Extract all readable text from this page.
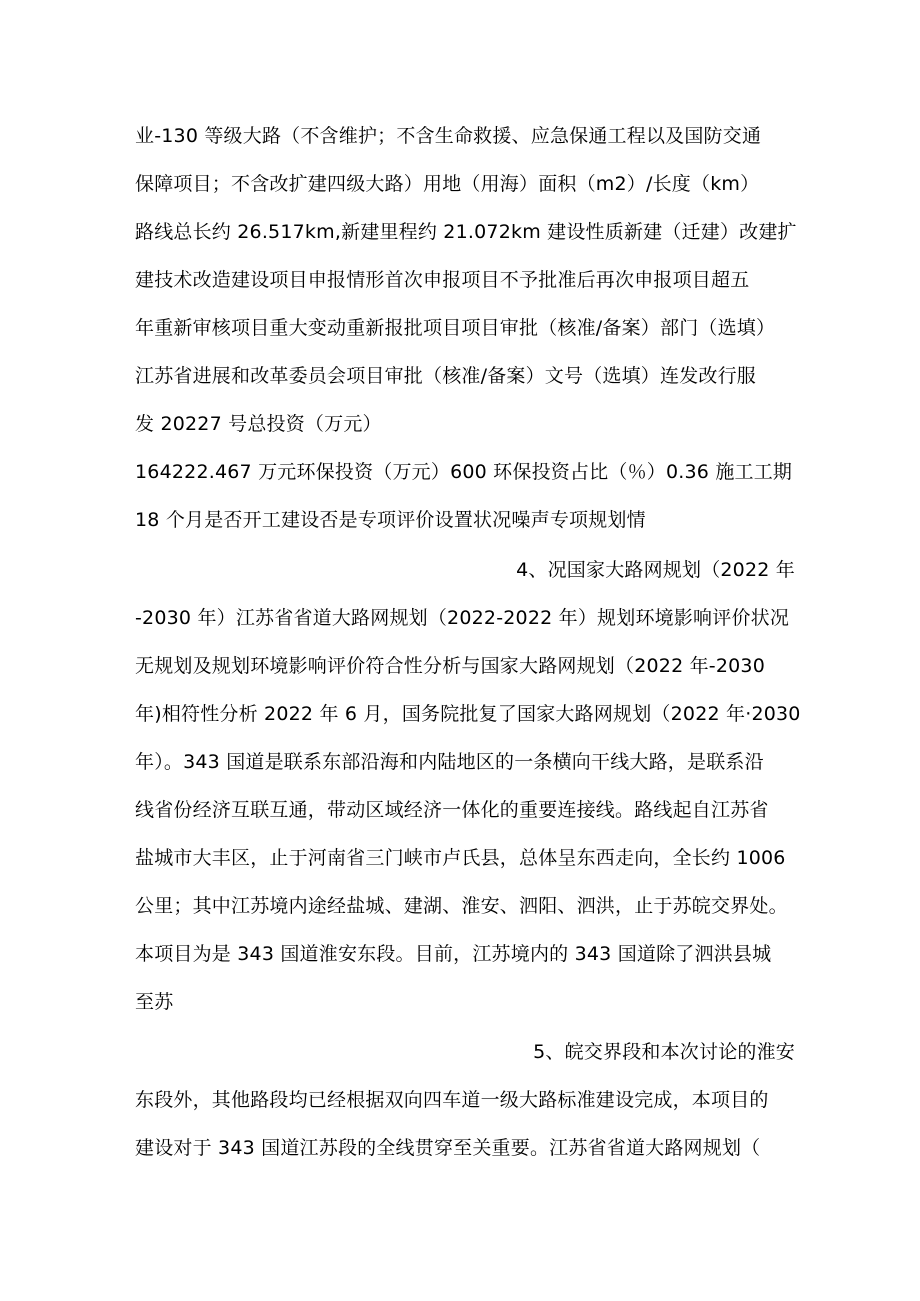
业-130 等级大路（不含维护；不含生命救援、应急保通工程以及国防交通
保障项目；不含改扩建四级大路）用地（用海）面积（m2）/长度（km）
路线总长约 26.517km,新建里程约 21.072km 建设性质新建（迁建）改建扩
建技术改造建设项目申报情形首次申报项目不予批准后再次申报项目超五
年重新审核项目重大变动重新报批项目项目审批（核准/备案）部门（选填）
江苏省进展和改革委员会项目审批（核准/备案）文号（选填）连发改行服
发 20227 号总投资（万元）
164222.467 万元环保投资（万元）600 环保投资占比（％）0.36 施工工期
18 个月是否开工建设否是专项评价设置状况噪声专项规划情
4、况国家大路网规划（2022 年
-2030 年）江苏省省道大路网规划（2022-2022 年）规划环境影响评价状况
无规划及规划环境影响评价符合性分析与国家大路网规划（2022 年-2030
年)相符性分析 2022 年 6 月，国务院批复了国家大路网规划（2022 年·2030
年）。343 国道是联系东部沿海和内陆地区的一条横向干线大路，是联系沿
线省份经济互联互通，带动区域经济一体化的重要连接线。路线起自江苏省
盐城市大丰区，止于河南省三门峡市卢氏县，总体呈东西走向，全长约 1006
公里；其中江苏境内途经盐城、建湖、淮安、泗阳、泗洪，止于苏皖交界处。
本项目为是 343 国道淮安东段。目前，江苏境内的 343 国道除了泗洪县城
至苏
5、皖交界段和本次讨论的淮安
东段外，其他路段均已经根据双向四车道一级大路标准建设完成，本项目的
建设对于 343 国道江苏段的全线贯穿至关重要。江苏省省道大路网规划（
